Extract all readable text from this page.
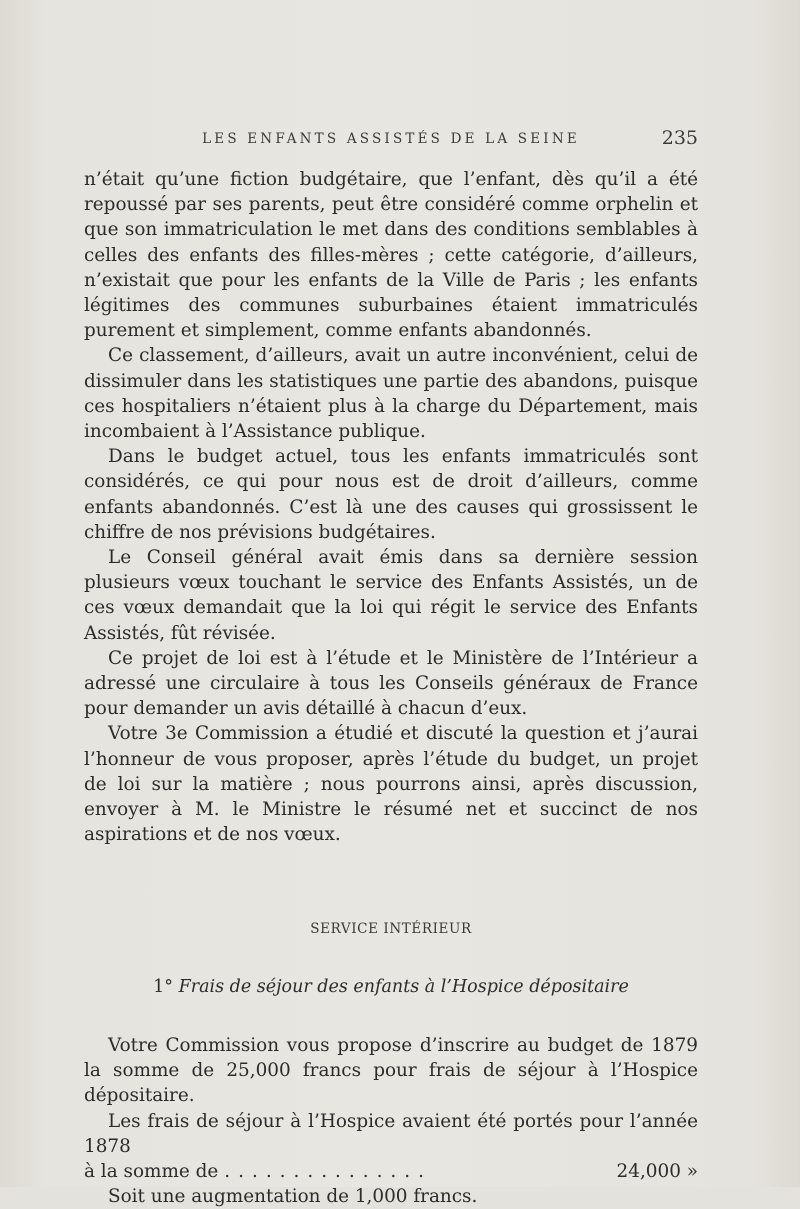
LES ENFANTS ASSISTÉS DE LA SEINE	235

n’était qu’une fiction budgétaire, que l’enfant, dès qu’il a été repoussé par ses parents, peut être considéré comme orphelin et que son immatriculation le met dans des conditions semblables à celles des enfants des filles-mères ; cette catégorie, d’ailleurs, n’existait que pour les enfants de la Ville de Paris ; les enfants légitimes des communes suburbaines étaient immatriculés purement et simplement, comme enfants abandonnés.

Ce classement, d’ailleurs, avait un autre inconvénient, celui de dissimuler dans les statistiques une partie des abandons, puisque ces hospitaliers n’étaient plus à la charge du Département, mais incombaient à l’Assistance publique.

Dans le budget actuel, tous les enfants immatriculés sont considérés, ce qui pour nous est de droit d’ailleurs, comme enfants abandonnés. C’est là une des causes qui grossissent le chiffre de nos prévisions budgétaires.

Le Conseil général avait émis dans sa dernière session plusieurs vœux touchant le service des Enfants Assistés, un de ces vœux demandait que la loi qui régit le service des Enfants Assistés, fût révisée.

Ce projet de loi est à l’étude et le Ministère de l’Intérieur a adressé une circulaire à tous les Conseils généraux de France pour demander un avis détaillé à chacun d’eux.

Votre 3e Commission a étudié et discuté la question et j’aurai l’honneur de vous proposer, après l’étude du budget, un projet de loi sur la matière ; nous pourrons ainsi, après discussion, envoyer à M. le Ministre le résumé net et succinct de nos aspirations et de nos vœux.

SERVICE INTÉRIEUR
1° Frais de séjour des enfants à l’Hospice dépositaire

Votre Commission vous propose d’inscrire au budget de 1879 la somme de 25,000 francs pour frais de séjour à l’Hospice dépositaire.

Les frais de séjour à l’Hospice avaient été portés pour l’année 1878

à la somme de ...............	24,000 »

Soit une augmentation de 1,000 francs.
